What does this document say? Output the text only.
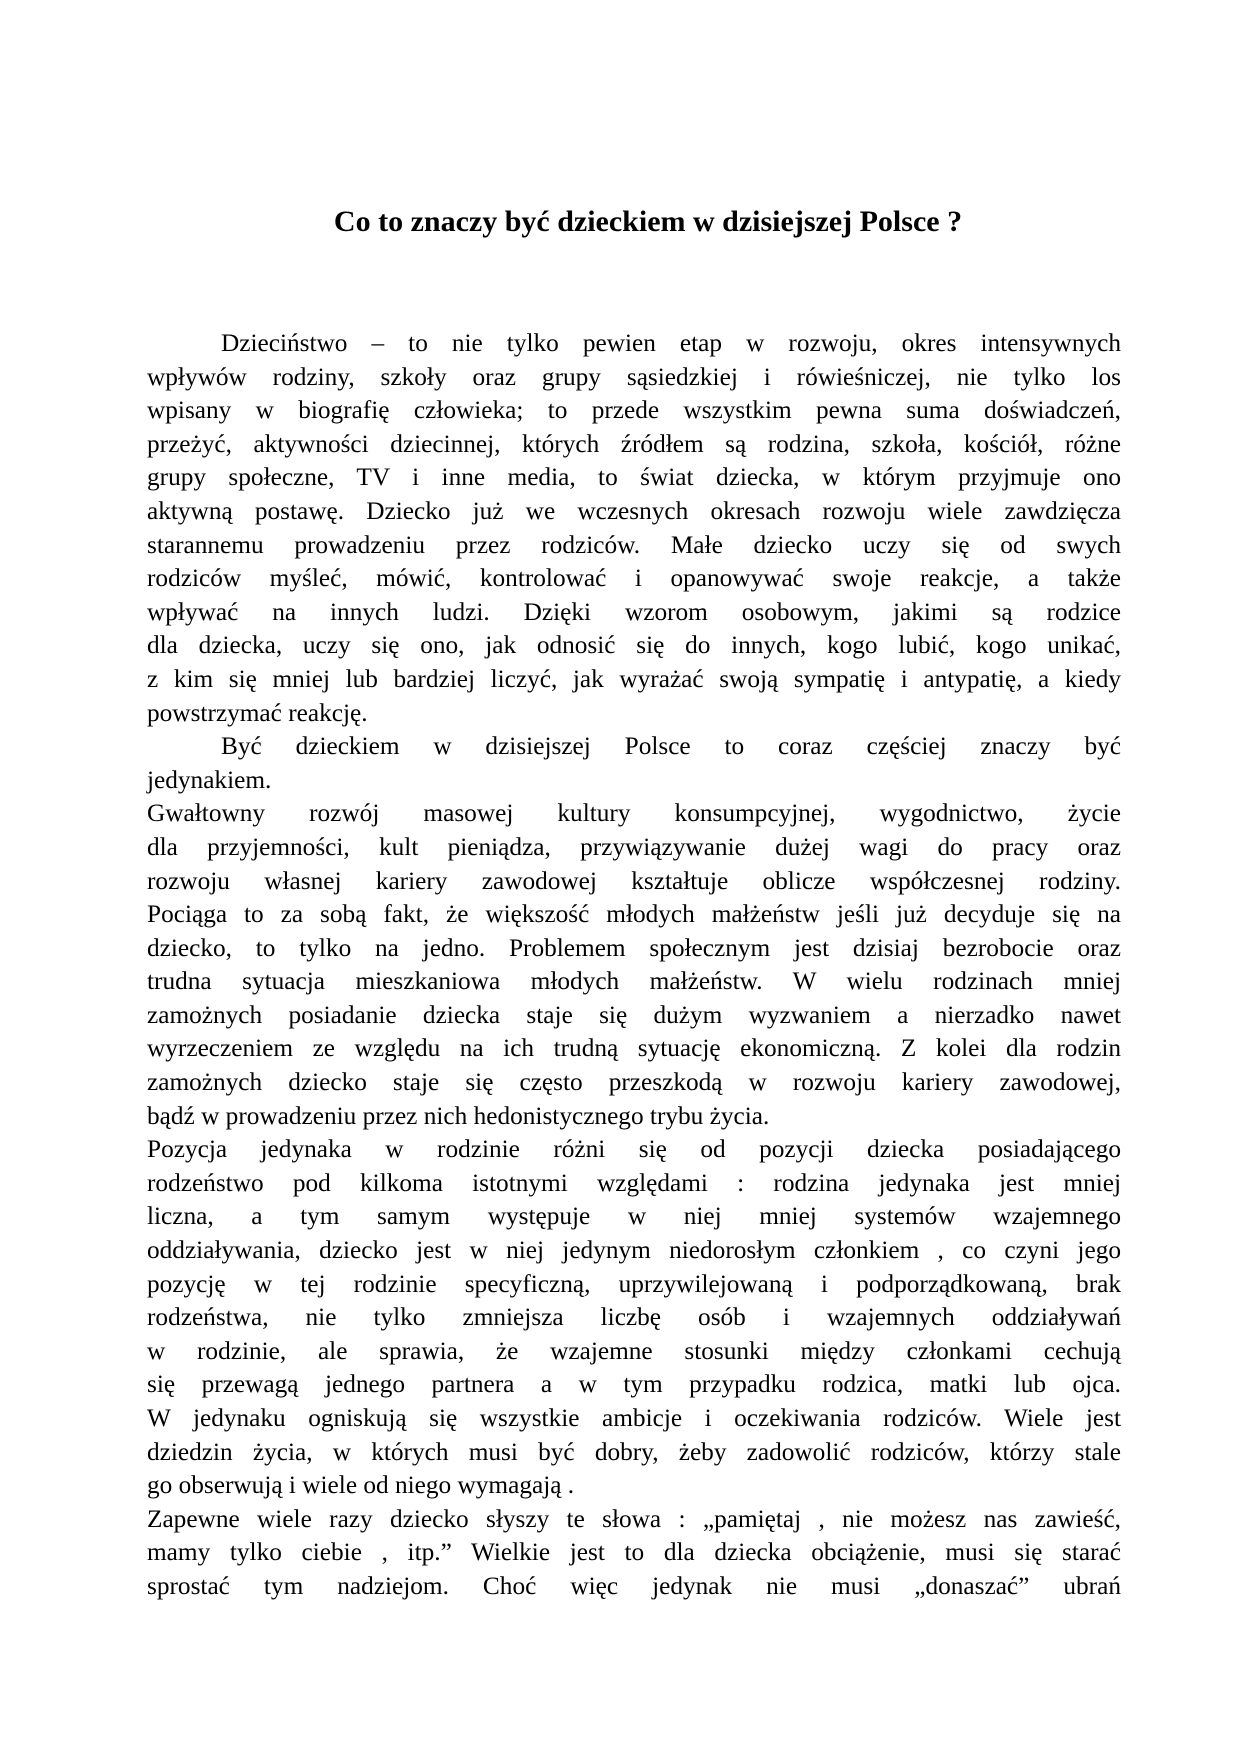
Co to znaczy być dzieckiem w dzisiejszej Polsce ?
Dzieciństwo – to nie tylko pewien etap w rozwoju, okres intensywnych
wpływów rodziny, szkoły oraz grupy sąsiedzkiej i rówieśniczej, nie tylko los
wpisany w biografię człowieka; to przede wszystkim pewna suma doświadczeń,
przeżyć, aktywności dziecinnej, których źródłem są rodzina, szkoła, kościół, różne
grupy społeczne, TV i inne media, to świat dziecka, w którym przyjmuje ono
aktywną postawę. Dziecko już we wczesnych okresach rozwoju wiele zawdzięcza
starannemu prowadzeniu przez rodziców. Małe dziecko uczy się od swych
rodziców myśleć, mówić, kontrolować i opanowywać swoje reakcje, a także
wpływać na innych ludzi. Dzięki wzorom osobowym, jakimi są rodzice
dla dziecka, uczy się ono, jak odnosić się do innych, kogo lubić, kogo unikać,
z kim się mniej lub bardziej liczyć, jak wyrażać swoją sympatię i antypatię, a kiedy
powstrzymać reakcję.
Być dzieckiem w dzisiejszej Polsce to coraz częściej znaczy być
jedynakiem.
Gwałtowny rozwój masowej kultury konsumpcyjnej, wygodnictwo, życie
dla przyjemności, kult pieniądza, przywiązywanie dużej wagi do pracy oraz
rozwoju własnej kariery zawodowej kształtuje oblicze współczesnej rodziny.
Pociąga to za sobą fakt, że większość młodych małżeństw jeśli już decyduje się na
dziecko, to tylko na jedno. Problemem społecznym jest dzisiaj bezrobocie oraz
trudna sytuacja mieszkaniowa młodych małżeństw. W wielu rodzinach mniej
zamożnych posiadanie dziecka staje się dużym wyzwaniem a nierzadko nawet
wyrzeczeniem ze względu na ich trudną sytuację ekonomiczną. Z kolei dla rodzin
zamożnych dziecko staje się często przeszkodą w rozwoju kariery zawodowej,
bądź w prowadzeniu przez nich hedonistycznego trybu życia.
Pozycja jedynaka w rodzinie różni się od pozycji dziecka posiadającego
rodzeństwo pod kilkoma istotnymi względami : rodzina jedynaka jest mniej
liczna, a tym samym występuje w niej mniej systemów wzajemnego
oddziaływania, dziecko jest w niej jedynym niedorosłym członkiem , co czyni jego
pozycję w tej rodzinie specyficzną, uprzywilejowaną i podporządkowaną, brak
rodzeństwa, nie tylko zmniejsza liczbę osób i wzajemnych oddziaływań
w rodzinie, ale sprawia, że wzajemne stosunki między członkami cechują
się przewagą jednego partnera a w tym przypadku rodzica, matki lub ojca.
W jedynaku ogniskują się wszystkie ambicje i oczekiwania rodziców. Wiele jest
dziedzin życia, w których musi być dobry, żeby zadowolić rodziców, którzy stale
go obserwują i wiele od niego wymagają .
Zapewne wiele razy dziecko słyszy te słowa : „pamiętaj , nie możesz nas zawieść,
mamy tylko ciebie , itp.” Wielkie jest to dla dziecka obciążenie, musi się starać
sprostać tym nadziejom. Choć więc jedynak nie musi „donaszać” ubrań
